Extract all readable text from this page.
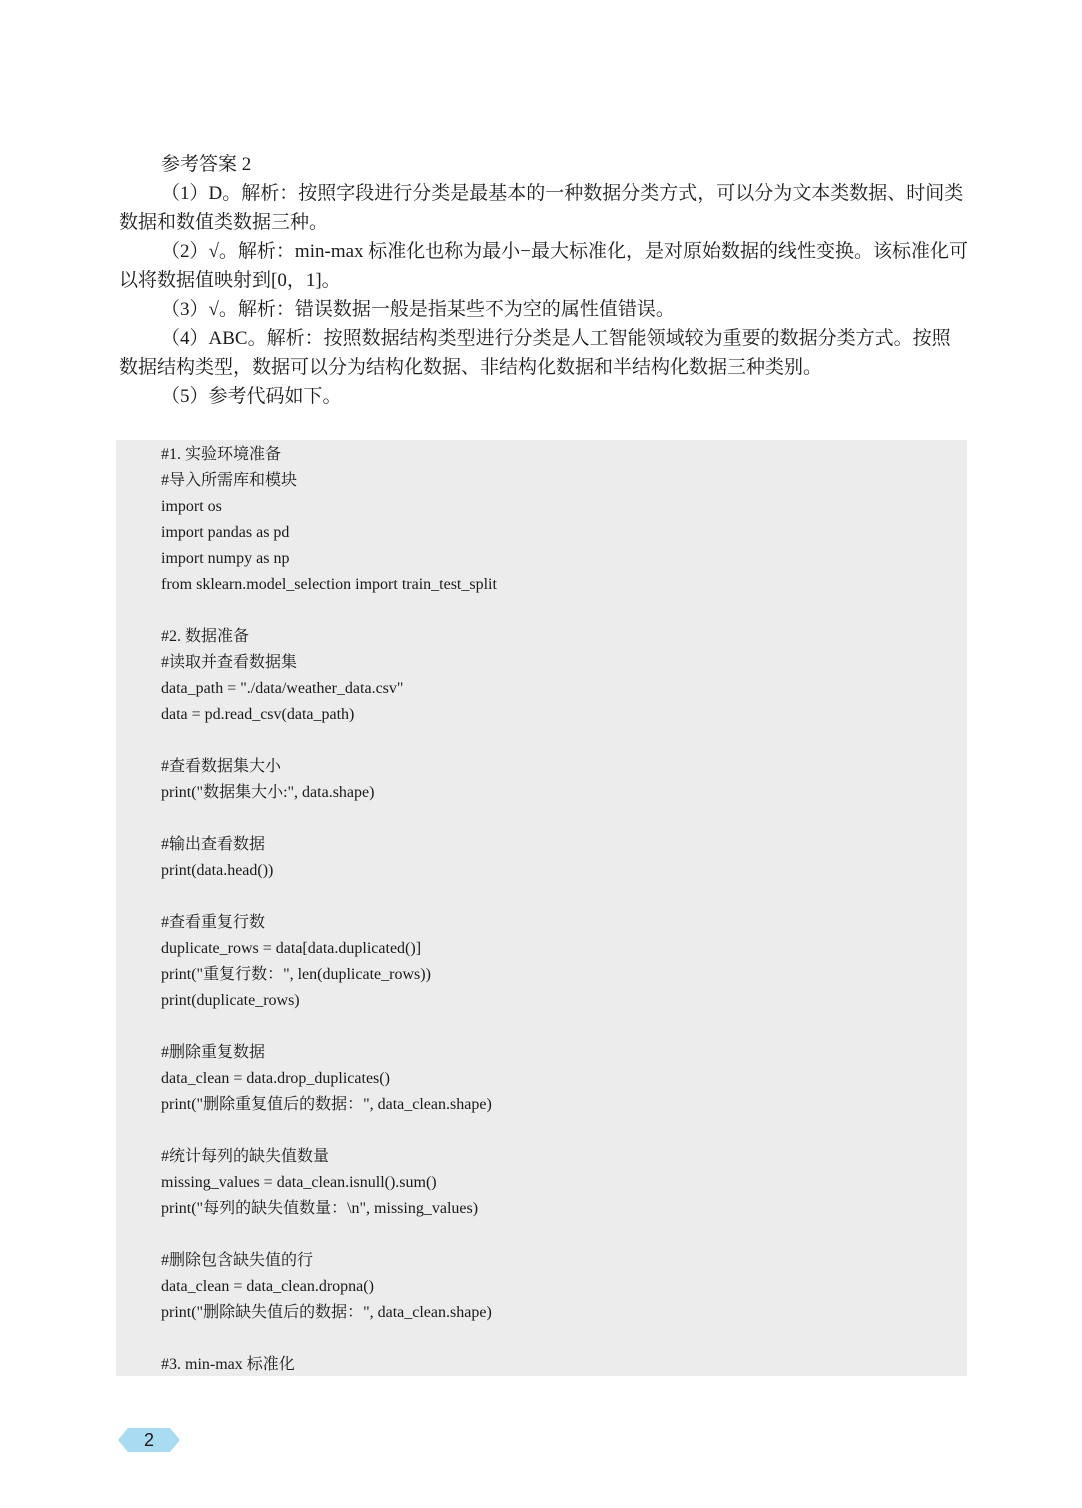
参考答案 2

（1）D。解析：按照字段进行分类是最基本的一种数据分类方式，可以分为文本类数据、时间类数据和数值类数据三种。

（2）√。解析：min-max 标准化也称为最小−最大标准化，是对原始数据的线性变换。该标准化可以将数据值映射到[0，1]。

（3）√。解析：错误数据一般是指某些不为空的属性值错误。

（4）ABC。解析：按照数据结构类型进行分类是人工智能领域较为重要的数据分类方式。按照数据结构类型，数据可以分为结构化数据、非结构化数据和半结构化数据三种类别。

（5）参考代码如下。

#1. 实验环境准备
#导入所需库和模块
import os
import pandas as pd
import numpy as np
from sklearn.model_selection import train_test_split
#2. 数据准备
#读取并查看数据集
data_path = "./data/weather_data.csv"
data = pd.read_csv(data_path)
#查看数据集大小
print("数据集大小:", data.shape)
#输出查看数据
print(data.head())
#查看重复行数
duplicate_rows = data[data.duplicated()]
print("重复行数：", len(duplicate_rows))
print(duplicate_rows)
#删除重复数据
data_clean = data.drop_duplicates()
print("删除重复值后的数据：", data_clean.shape)
#统计每列的缺失值数量
missing_values = data_clean.isnull().sum()
print("每列的缺失值数量：\n", missing_values)
#删除包含缺失值的行
data_clean = data_clean.dropna()
print("删除缺失值后的数据：", data_clean.shape)
#3. min-max 标准化
2
